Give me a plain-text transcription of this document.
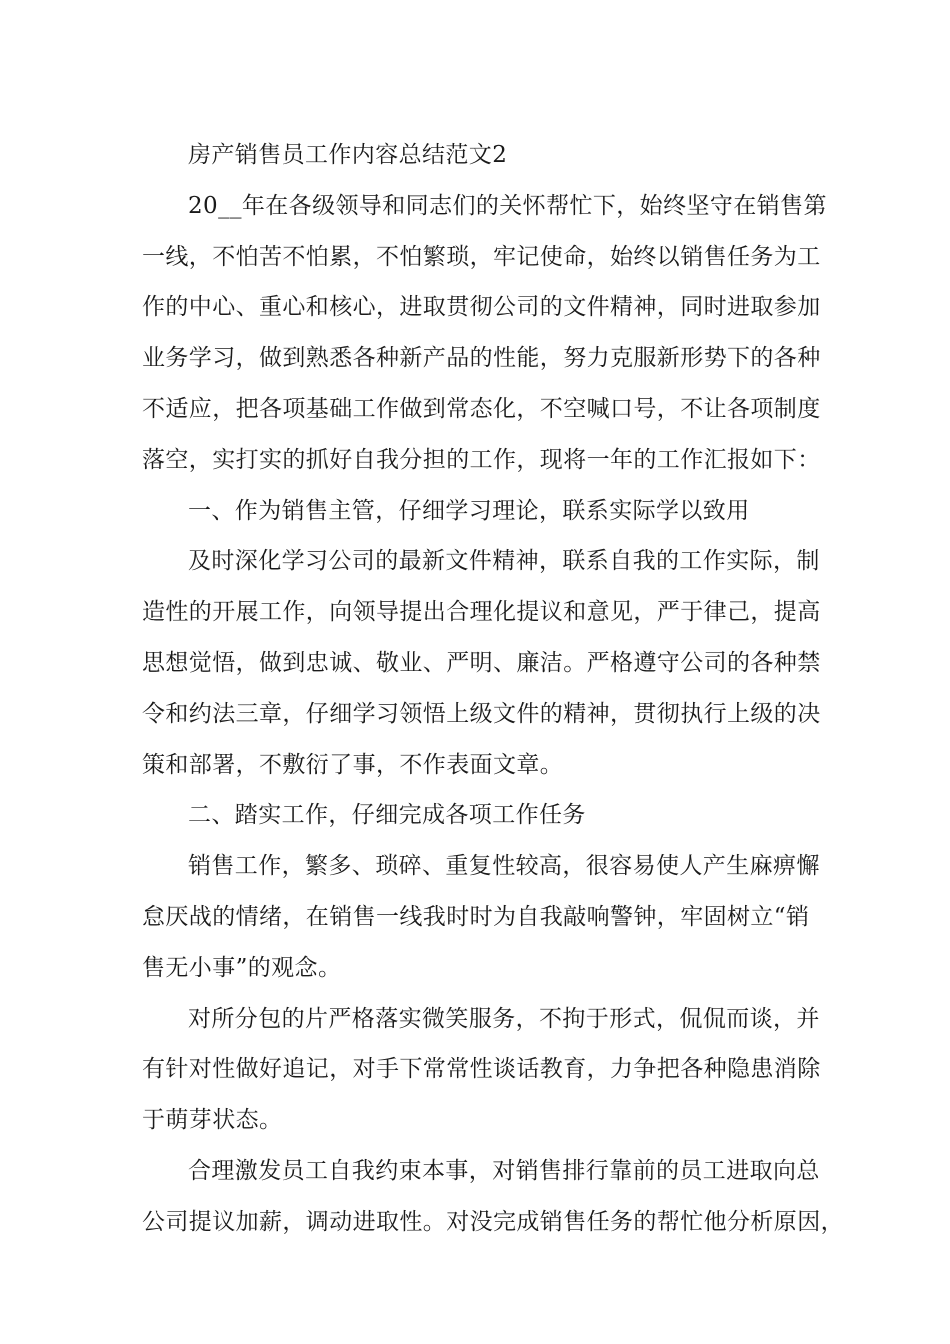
房产销售员工作内容总结范文2
20__年在各级领导和同志们的关怀帮忙下，始终坚守在销售第
一线，不怕苦不怕累，不怕繁琐，牢记使命，始终以销售任务为工
作的中心、重心和核心，进取贯彻公司的文件精神，同时进取参加
业务学习，做到熟悉各种新产品的性能，努力克服新形势下的各种
不适应，把各项基础工作做到常态化，不空喊口号，不让各项制度
落空，实打实的抓好自我分担的工作，现将一年的工作汇报如下：
一、作为销售主管，仔细学习理论，联系实际学以致用
及时深化学习公司的最新文件精神，联系自我的工作实际，制
造性的开展工作，向领导提出合理化提议和意见，严于律己，提高
思想觉悟，做到忠诚、敬业、严明、廉洁。严格遵守公司的各种禁
令和约法三章，仔细学习领悟上级文件的精神，贯彻执行上级的决
策和部署，不敷衍了事，不作表面文章。
二、踏实工作，仔细完成各项工作任务
销售工作，繁多、琐碎、重复性较高，很容易使人产生麻痹懈
怠厌战的情绪，在销售一线我时时为自我敲响警钟，牢固树立“销
售无小事”的观念。
对所分包的片严格落实微笑服务，不拘于形式，侃侃而谈，并
有针对性做好追记，对手下常常性谈话教育，力争把各种隐患消除
于萌芽状态。
合理激发员工自我约束本事，对销售排行靠前的员工进取向总
公司提议加薪，调动进取性。对没完成销售任务的帮忙他分析原因，
